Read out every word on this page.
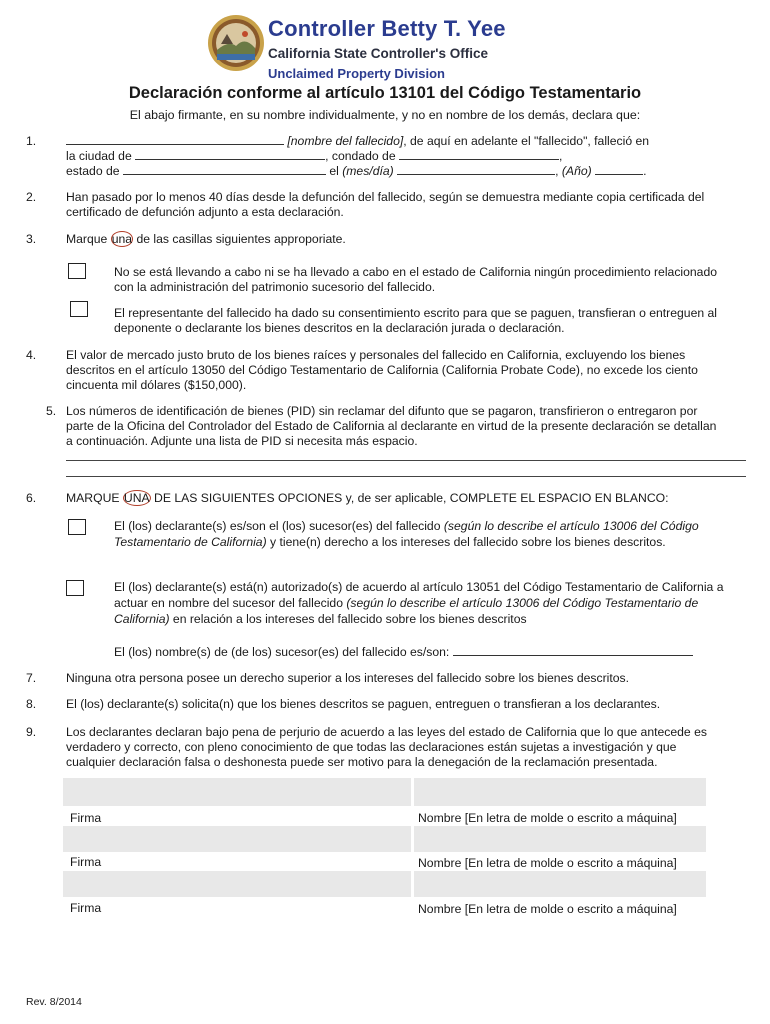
Controller Betty T. Yee
California State Controller's Office
Unclaimed Property Division
Declaración conforme al artículo 13101 del Código Testamentario
El abajo firmante, en su nombre individualmente, y no en nombre de los demás, declara que:
1.	[nombre del fallecido], de aquí en adelante el "fallecido", falleció en
la ciudad de	, condado de	,
estado de	el (mes/día)	, (Año)	.
2. Han pasado por lo menos 40 días desde la defunción del fallecido, según se demuestra mediante copia certificada del
certificado de defunción adjunto a esta declaración.
3. Marque una de las casillas siguientes approporiate.
No se está llevando a cabo ni se ha llevado a cabo en el estado de California ningún procedimiento relacionado
con la administración del patrimonio sucesorio del fallecido.
El representante del fallecido ha dado su consentimiento escrito para que se paguen, transfieran o entreguen al
deponente o declarante los bienes descritos en la declaración jurada o declaración.
4. El valor de mercado justo bruto de los bienes raíces y personales del fallecido en California, excluyendo los bienes
descritos en el artículo 13050 del Código Testamentario de California (California Probate Code), no excede los ciento
cincuenta mil dólares ($150,000).
5. Los números de identificación de bienes (PID) sin reclamar del difunto que se pagaron, transfirieron o entregaron por
parte de la Oficina del Controlador del Estado de California al declarante en virtud de la presente declaración se detallan
a continuación. Adjunte una lista de PID si necesita más espacio.
6. MARQUE UNA DE LAS SIGUIENTES OPCIONES y, de ser aplicable, COMPLETE EL ESPACIO EN BLANCO:
El (los) declarante(s) es/son el (los) sucesor(es) del fallecido (según lo describe el artículo 13006 del Código
Testamentario de California) y tiene(n) derecho a los intereses del fallecido sobre los bienes descritos.
El (los) declarante(s) está(n) autorizado(s) de acuerdo al artículo 13051 del Código Testamentario de California a
actuar en nombre del sucesor del fallecido (según lo describe el artículo 13006 del Código Testamentario de
California) en relación a los intereses del fallecido sobre los bienes descritos
El (los) nombre(s) de (de los) sucesor(es) del fallecido es/son:
7. Ninguna otra persona posee un derecho superior a los intereses del fallecido sobre los bienes descritos.
8. El (los) declarante(s) solicita(n) que los bienes descritos se paguen, entreguen o transfieran a los declarantes.
9. Los declarantes declaran bajo pena de perjurio de acuerdo a las leyes del estado de California que lo que antecede es
verdadero y correcto, con pleno conocimiento de que todas las declaraciones están sujetas a investigación y que
cualquier declaración falsa o deshonesta puede ser motivo para la denegación de la reclamación presentada.
Firma	Nombre [En letra de molde o escrito a máquina]
Firma	Nombre [En letra de molde o escrito a máquina]
Firma	Nombre [En letra de molde o escrito a máquina]
Rev. 8/2014
